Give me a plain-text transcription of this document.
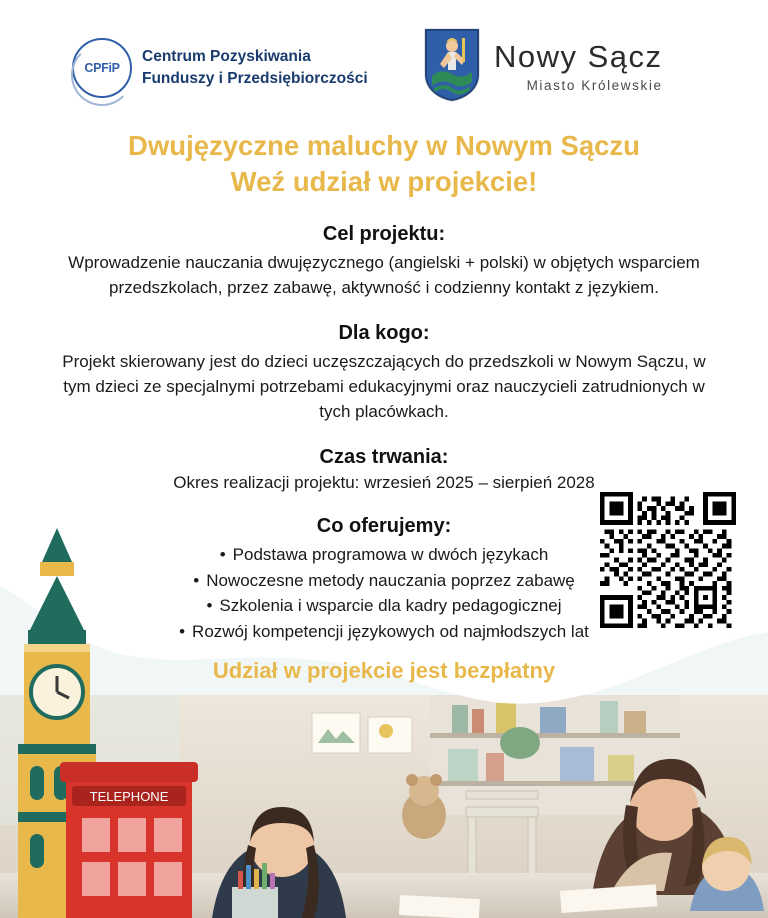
TELEPHONE
CPFiP
Centrum Pozyskiwania
Funduszy i Przedsiębiorczości
Nowy Sącz
Miasto Królewskie
Dwujęzyczne maluchy w Nowym Sączu
Weź udział w projekcie!
Cel projektu:

Wprowadzenie nauczania dwujęzycznego (angielski + polski) w objętych wsparciem przedszkolach, przez zabawę, aktywność i codzienny kontakt z językiem.

Dla kogo:

Projekt skierowany jest do dzieci uczęszczających do przedszkoli w Nowym Sączu, w tym dzieci ze specjalnymi potrzebami edukacyjnymi oraz nauczycieli zatrudnionych w tych placówkach.

Czas trwania:

Okres realizacji projektu: wrzesień 2025 – sierpień 2028

Co oferujemy:
• Podstawa programowa w dwóch językach
• Nowoczesne metody nauczania poprzez zabawę
• Szkolenia i wsparcie dla kadry pedagogicznej
• Rozwój kompetencji językowych od najmłodszych lat
Udział w projekcie jest bezpłatny
